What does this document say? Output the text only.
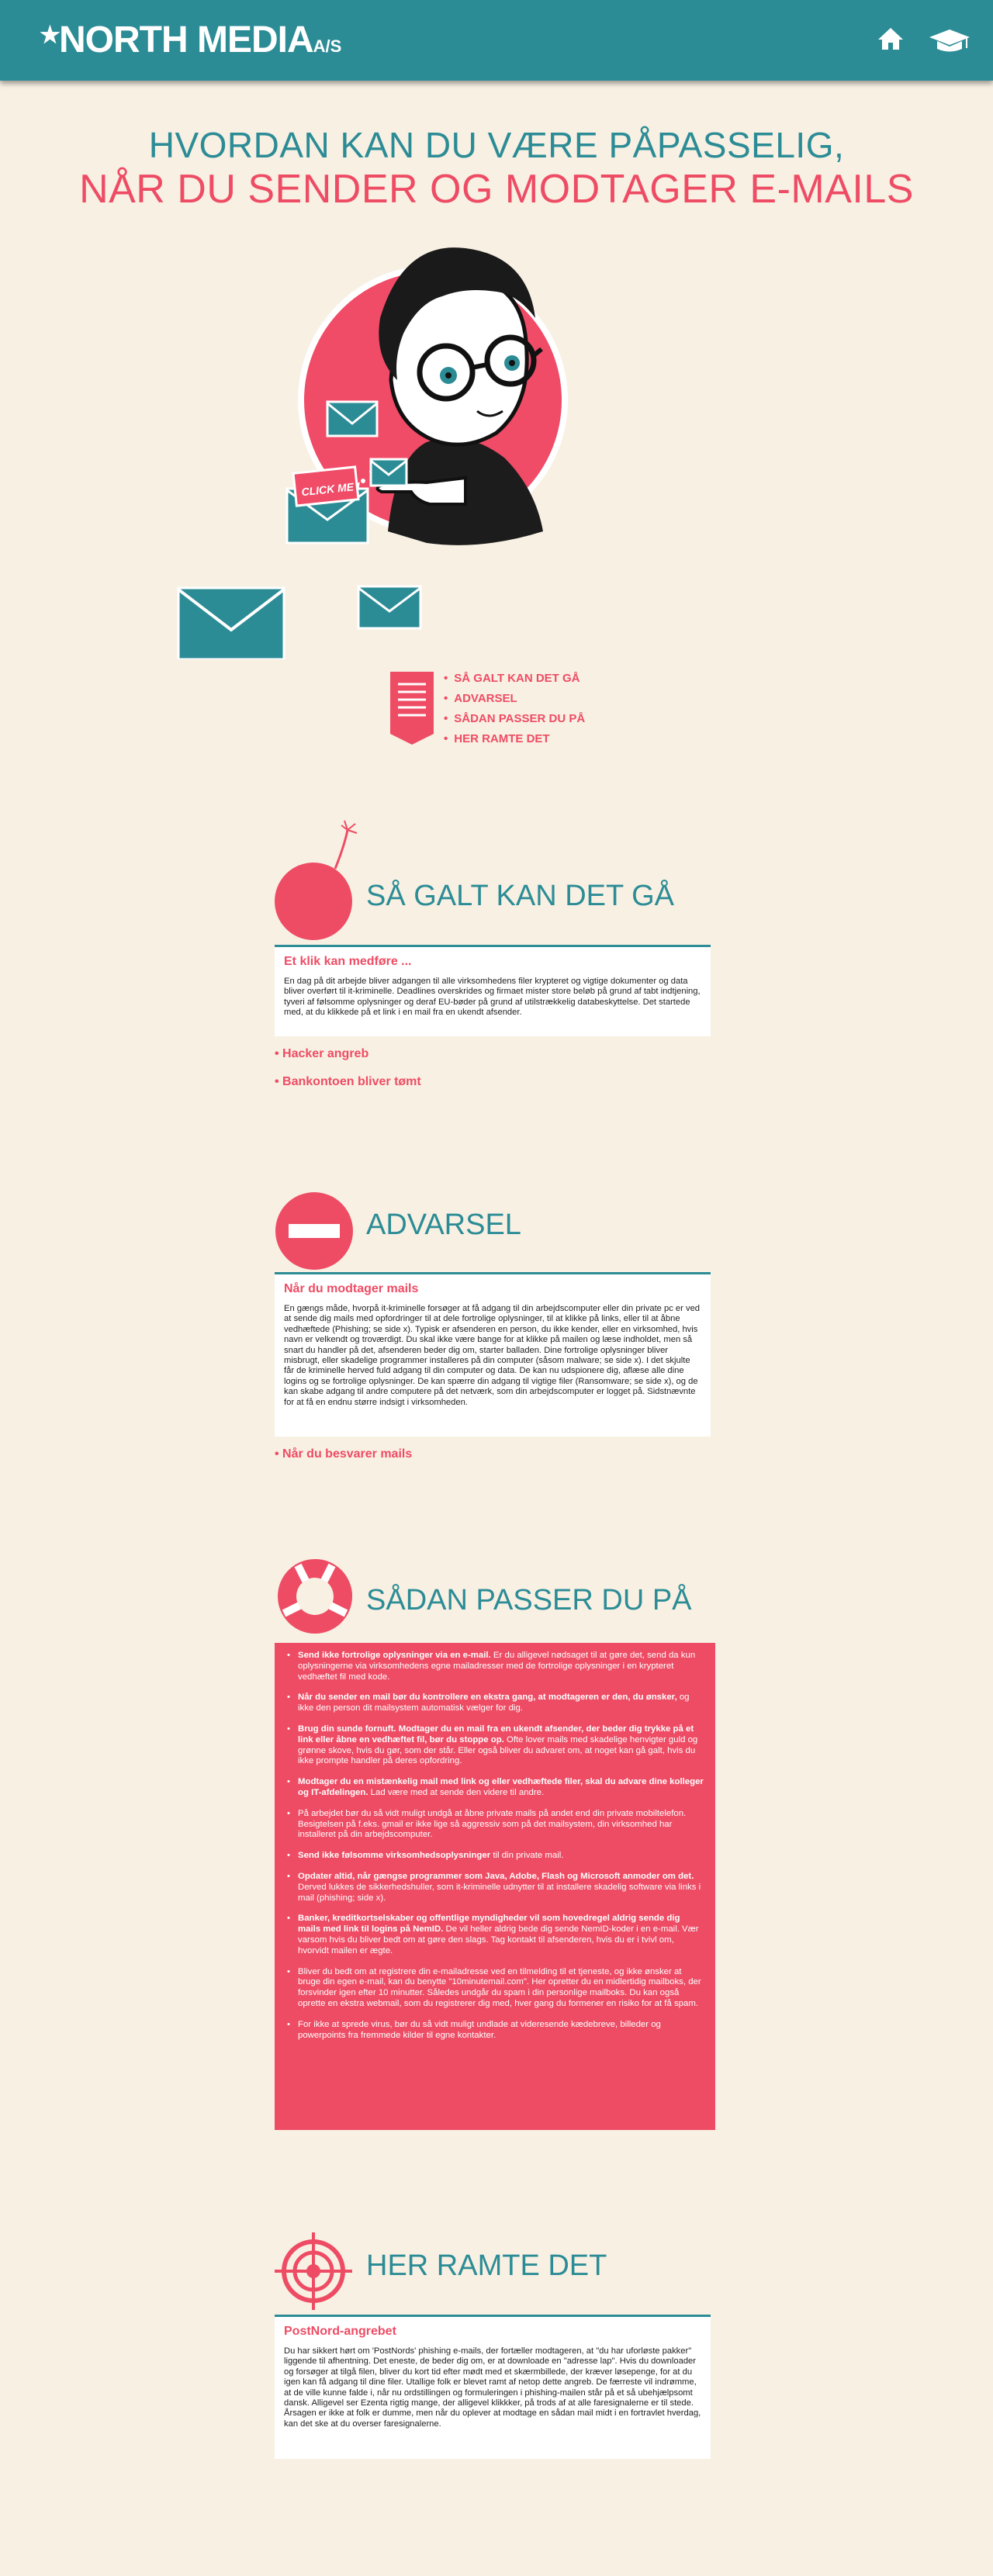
★ NORTH MEDIAA/S
HVORDAN KAN DU VÆRE PÅPASSELIG,
NÅR DU SENDER OG MODTAGER E-MAILS
CLICK ME !
• SÅ GALT KAN DET GÅ
• ADVARSEL
• SÅDAN PASSER DU PÅ
• HER RAMTE DET
SÅ GALT KAN DET GÅ
Et klik kan medføre ...
En dag på dit arbejde bliver adgangen til alle virksomhedens filer krypteret og vigtige dokumenter og data bliver overført til it-kriminelle. Deadlines overskrides og firmaet mister store beløb på grund af tabt indtjening, tyveri af følsomme oplysninger og deraf EU-bøder på grund af utilstrækkelig databeskyttelse. Det startede med, at du klikkede på et link i en mail fra en ukendt afsender.
• Hacker angreb
• Bankontoen bliver tømt
ADVARSEL
Når du modtager mails
En gængs måde, hvorpå it-kriminelle forsøger at få adgang til din arbejdscomputer eller din private pc er ved at sende dig mails med opfordringer til at dele fortrolige oplysninger, til at klikke på links, eller til at åbne vedhæftede (Phishing; se side x). Typisk er afsenderen en person, du ikke kender, eller en virksomhed, hvis navn er velkendt og troværdigt. Du skal ikke være bange for at klikke på mailen og læse indholdet, men så snart du handler på det, afsenderen beder dig om, starter balladen. Dine fortrolige oplysninger bliver misbrugt, eller skadelige programmer installeres på din computer (såsom malware; se side x). I det skjulte får de kriminelle herved fuld adgang til din computer og data. De kan nu udspionere dig, aflæse alle dine logins og se fortrolige oplysninger. De kan spærre din adgang til vigtige filer (Ransomware; se side x), og de kan skabe adgang til andre computere på det netværk, som din arbejdscomputer er logget på. Sidstnævnte for at få en endnu større indsigt i virksomheden.
• Når du besvarer mails
SÅDAN PASSER DU PÅ
• Send ikke fortrolige oplysninger via en e-mail. Er du alligevel nødsaget til at gøre det, send da kun oplysningerne via virksomhedens egne mailadresser med de fortrolige oplysninger i en krypteret vedhæftet fil med kode.
• Når du sender en mail bør du kontrollere en ekstra gang, at modtageren er den, du ønsker, og ikke den person dit mailsystem automatisk vælger for dig.
• Brug din sunde fornuft. Modtager du en mail fra en ukendt afsender, der beder dig trykke på et link eller åbne en vedhæftet fil, bør du stoppe op. Ofte lover mails med skadelige henvigter guld og grønne skove, hvis du gør, som der står. Eller også bliver du advaret om, at noget kan gå galt, hvis du ikke prompte handler på deres opfordring.
• Modtager du en mistænkelig mail med link og eller vedhæftede filer, skal du advare dine kolleger og IT-afdelingen. Lad være med at sende den videre til andre.
• På arbejdet bør du så vidt muligt undgå at åbne private mails på andet end din private mobiltelefon. Besigtelsen på f.eks. gmail er ikke lige så aggressiv som på det mailsystem, din virksomhed har installeret på din arbejdscomputer.
• Send ikke følsomme virksomhedsoplysninger til din private mail.
• Opdater altid, når gængse programmer som Java, Adobe, Flash og Microsoft anmoder om det. Derved lukkes de sikkerhedshuller, som it-kriminelle udnytter til at installere skadelig software via links i mail (phishing; side x).
• Banker, kreditkortselskaber og offentlige myndigheder vil som hovedregel aldrig sende dig mails med link til logins på NemID. De vil heller aldrig bede dig sende NemID-koder i en e-mail. Vær varsom hvis du bliver bedt om at gøre den slags. Tag kontakt til afsenderen, hvis du er i tvivl om, hvorvidt mailen er ægte.
• Bliver du bedt om at registrere din e-mailadresse ved en tilmelding til et tjeneste, og ikke ønsker at bruge din egen e-mail, kan du benytte "10minutemail.com". Her opretter du en midlertidig mailboks, der forsvinder igen efter 10 minutter. Således undgår du spam i din personlige mailboks. Du kan også oprette en ekstra webmail, som du registrerer dig med, hver gang du formener en risiko for at få spam.
• For ikke at sprede virus, bør du så vidt muligt undlade at videresende kædebreve, billeder og powerpoints fra fremmede kilder til egne kontakter.
HER RAMTE DET
PostNord-angrebet
Du har sikkert hørt om 'PostNords' phishing e-mails, der fortæller modtageren, at "du har uforløste pakker" liggende til afhentning. Det eneste, de beder dig om, er at downloade en "adresse lap". Hvis du downloader og forsøger at tilgå filen, bliver du kort tid efter mødt med et skærmbillede, der kræver løsepenge, for at du igen kan få adgang til dine filer. Utallige folk er blevet ramt af netop dette angreb. De færreste vil indrømme, at de ville kunne falde i, når nu ordstillingen og formuleringen i phishing-mailen står på et så ubehjælpsomt dansk. Alligevel ser Ezenta rigtig mange, der alligevel klikkker, på trods af at alle faresignalerne er til stede. Årsagen er ikke at folk er dumme, men når du oplever at modtage en sådan mail midt i en fortravlet hverdag, kan det ske at du overser faresignalerne.
